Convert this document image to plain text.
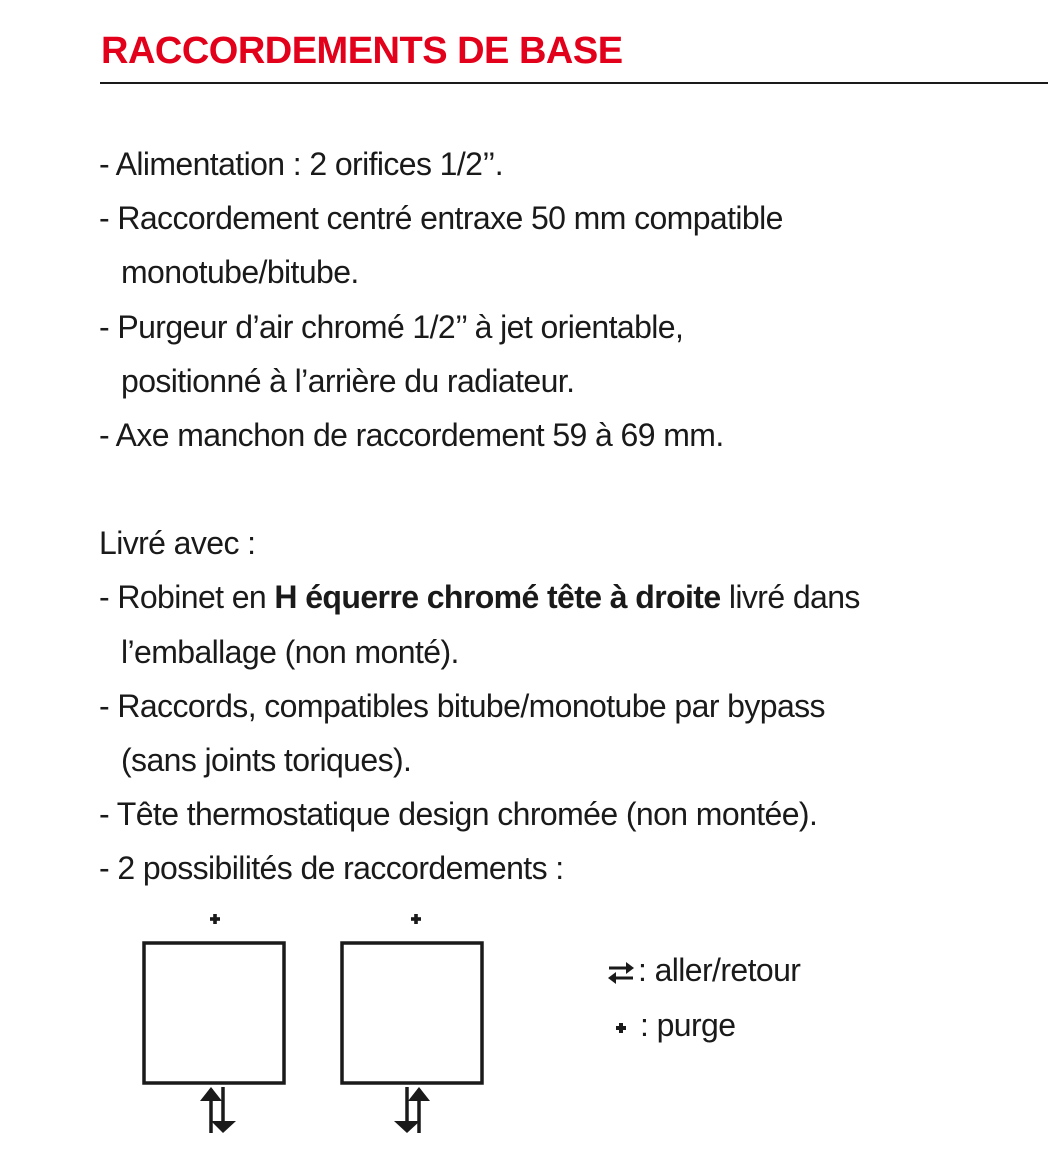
RACCORDEMENTS DE BASE
- Alimentation : 2 orifices 1/2’’.
- Raccordement centré entraxe 50 mm compatible
monotube/bitube.
- Purgeur d’air chromé 1/2’’ à jet orientable,
positionné à l’arrière du radiateur.
- Axe manchon de raccordement 59 à 69 mm.
Livré avec :
- Robinet en H équerre chromé tête à droite livré dans
l’emballage (non monté).
- Raccords, compatibles bitube/monotube par bypass
(sans joints toriques).
- Tête thermostatique design chromée (non montée).
- 2 possibilités de raccordements :
: aller/retour
: purge
